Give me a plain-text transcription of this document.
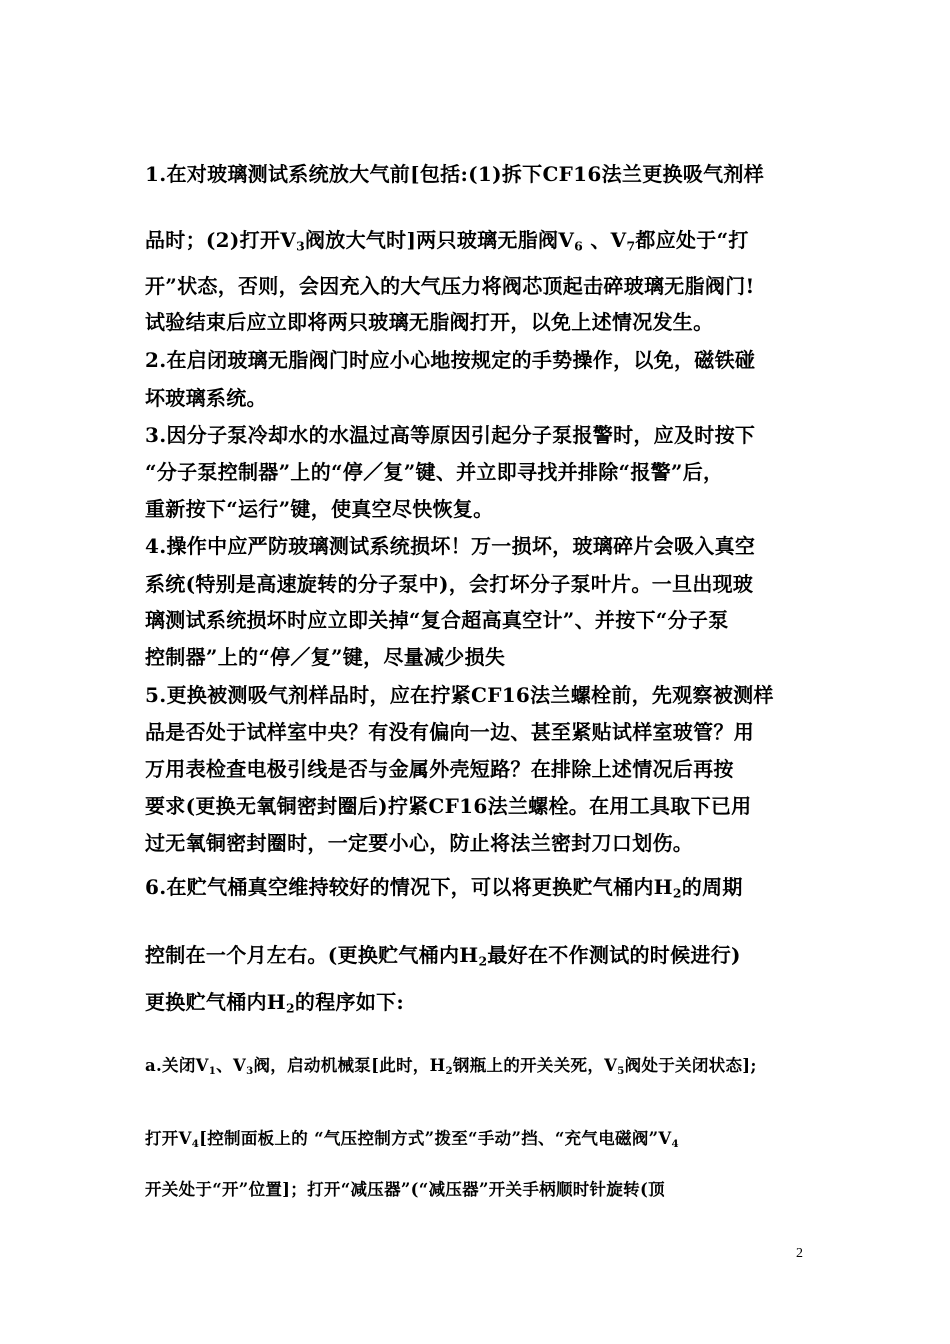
1.在对玻璃测试系统放大气前[包括:(1)拆下CF16法兰更换吸气剂样
品时；(2)打开$V_3$阀放大气时]两只玻璃无脂阀$V_6$ 、$V_7$都应处于“打
开”状态，否则，会因充入的大气压力将阀芯顶起击碎玻璃无脂阀门!
试验结束后应立即将两只玻璃无脂阀打开，以免上述情况发生。
2.在启闭玻璃无脂阀门时应小心地按规定的手势操作，以免，磁铁碰
坏玻璃系统。
3.因分子泵冷却水的水温过高等原因引起分子泵报警时，应及时按下
“分子泵控制器”上的“停／复”键、并立即寻找并排除“报警”后，
重新按下“运行”键，使真空尽快恢复。
4.操作中应严防玻璃测试系统损坏！万一损坏，玻璃碎片会吸入真空
系统(特别是高速旋转的分子泵中)，会打坏分子泵叶片。一旦出现玻
璃测试系统损坏时应立即关掉“复合超高真空计”、并按下“分子泵
控制器”上的“停／复”键，尽量减少损失
5.更换被测吸气剂样品时，应在拧紧CF16法兰螺栓前，先观察被测样
品是否处于试样室中央？有没有偏向一边、甚至紧贴试样室玻管？用
万用表检查电极引线是否与金属外壳短路？在排除上述情况后再按
要求(更换无氧铜密封圈后)拧紧CF16法兰螺栓。在用工具取下已用
过无氧铜密封圈时，一定要小心，防止将法兰密封刀口划伤。
6.在贮气桶真空维持较好的情况下，可以将更换贮气桶内$H_2$的周期
控制在一个月左右。(更换贮气桶内$H_2$最好在不作测试的时候进行)
更换贮气桶内$H_2$的程序如下:
a.关闭$V_1$、$V_3$阀，启动机械泵[此时，$H_2$钢瓶上的开关关死，$V_5$阀处于关闭状态];
打开$V_4$[控制面板上的 “气压控制方式”拨至“手动”挡、“充气电磁阀$”V_4$
开关处于“开”位置]；打开“减压器”(“减压器”开关手柄顺时针旋转(顶
2
